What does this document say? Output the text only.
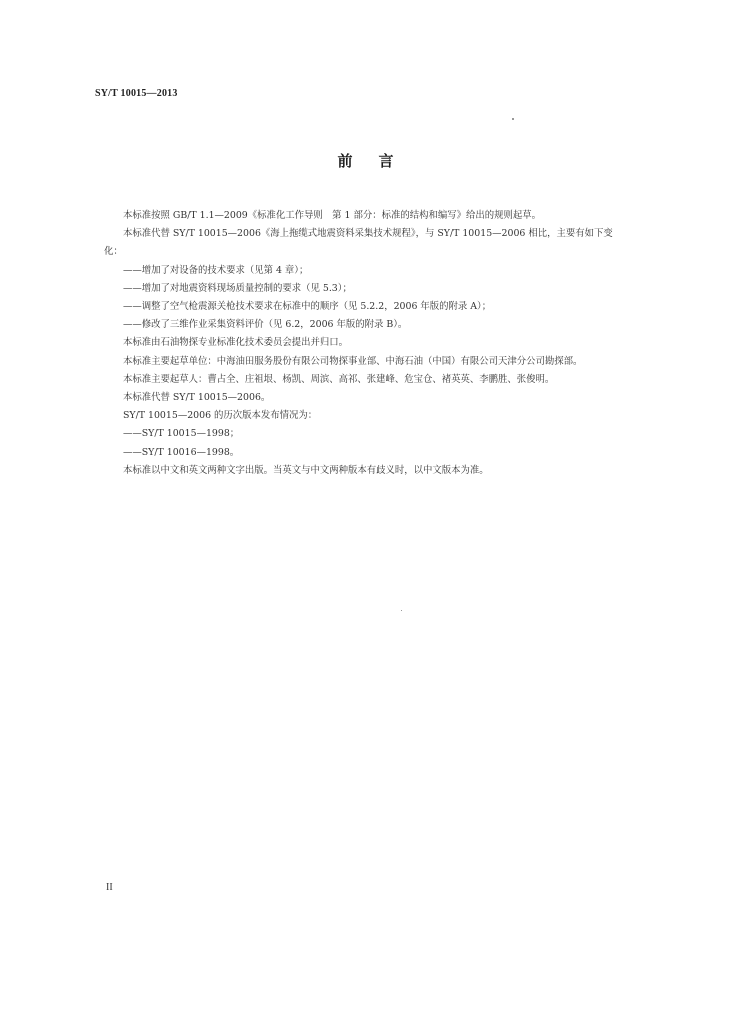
SY/T 10015—2013
前言

本标准按照 GB/T 1.1—2009《标准化工作导则　第 1 部分：标准的结构和编写》给出的规则起草。

本标准代替 SY/T 10015—2006《海上拖缆式地震资料采集技术规程》，与 SY/T 10015—2006 相比，主要有如下变化：

——增加了对设备的技术要求（见第 4 章）；

——增加了对地震资料现场质量控制的要求（见 5.3）；

——调整了空气枪震源关枪技术要求在标准中的顺序（见 5.2.2，2006 年版的附录 A）；

——修改了三维作业采集资料评价（见 6.2，2006 年版的附录 B）。

本标准由石油物探专业标准化技术委员会提出并归口。

本标准主要起草单位：中海油田服务股份有限公司物探事业部、中海石油（中国）有限公司天津分公司勘探部。

本标准主要起草人：曹占全、庄祖垠、杨凯、周滨、高祁、张建峰、危宝仓、褚英英、李鹏胜、张俊明。

本标准代替 SY/T 10015—2006。

SY/T 10015—2006 的历次版本发布情况为：

——SY/T 10015—1998；

——SY/T 10016—1998。

本标准以中文和英文两种文字出版。当英文与中文两种版本有歧义时，以中文版本为准。

II
